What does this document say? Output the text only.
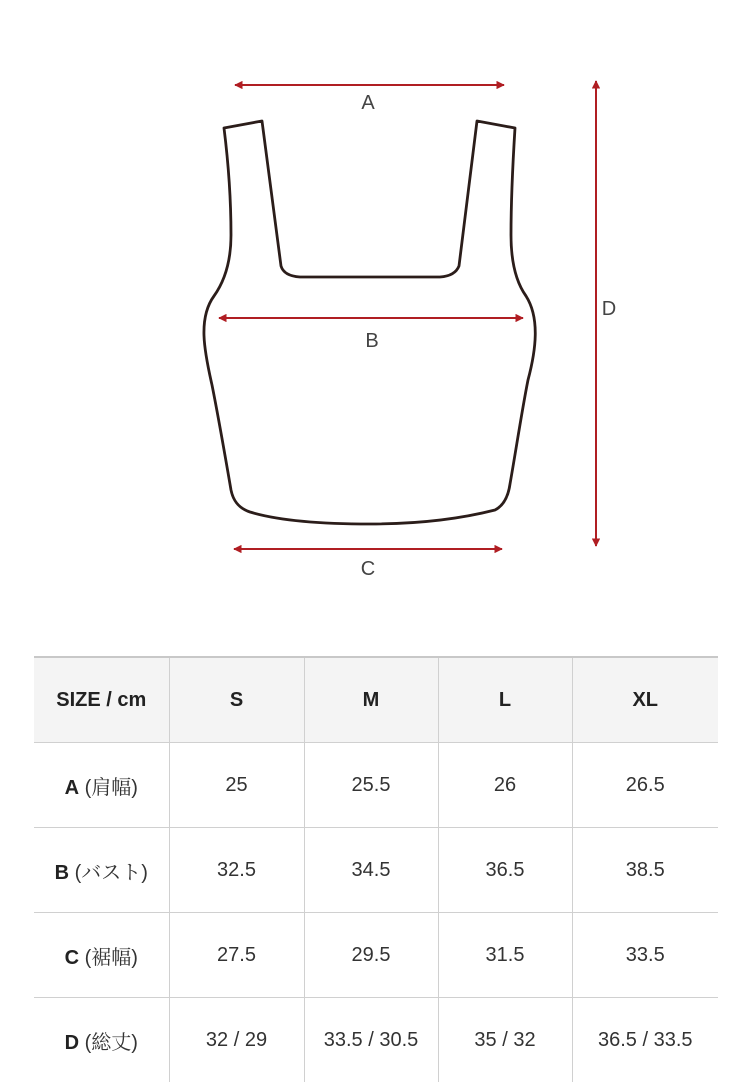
A
B
C
D
SIZE / cm	S	M	L	XL
A (肩幅)	25	25.5	26	26.5
B (バスト)	32.5	34.5	36.5	38.5
C (裾幅)	27.5	29.5	31.5	33.5
D (総丈)	32 / 29	33.5 / 30.5	35 / 32	36.5 / 33.5
